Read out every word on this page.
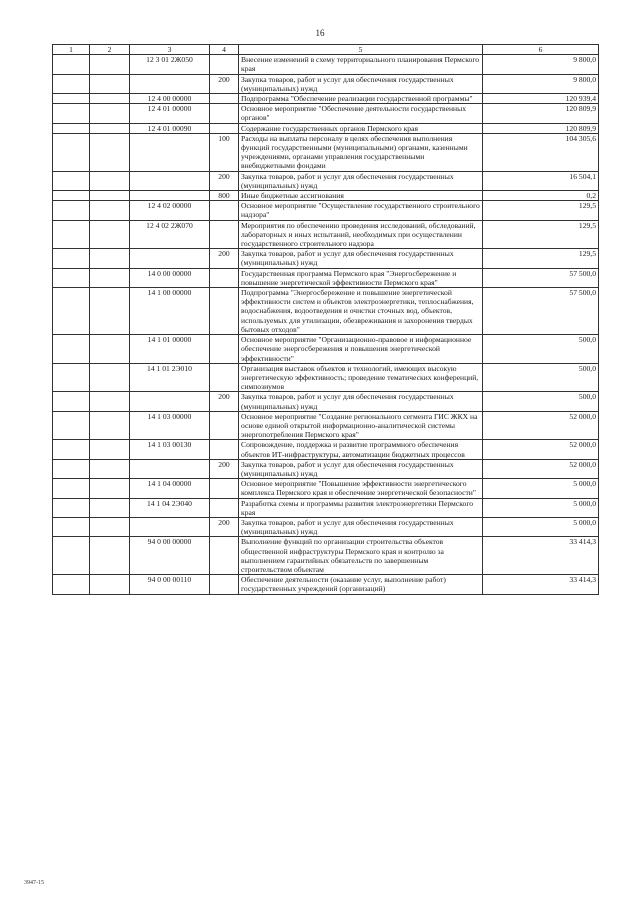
16
1	2	3	4	5	6
		12 3 01 2Ж050		Внесение изменений в схему территориального планирования Пермского края	9 800,0
			200	Закупка товаров, работ и услуг для обеспечения государственных (муниципальных) нужд	9 800,0
		12 4 00 00000		Подпрограмма "Обеспечение реализации государственной программы"	120 939,4
		12 4 01 00000		Основное мероприятие "Обеспечение деятельности государственных органов"	120 809,9
		12 4 01 00090		Содержание государственных органов Пермского края	120 809,9
			100	Расходы на выплаты персоналу в целях обеспечения выполнения функций государственными (муниципальными) органами, казенными учреждениями, органами управления государственными внебюджетными фондами	104 305,6
			200	Закупка товаров, работ и услуг для обеспечения государственных (муниципальных) нужд	16 504,1
			800	Иные бюджетные ассигнования	0,2
		12 4 02 00000		Основное мероприятие "Осуществление государственного строительного надзора"	129,5
		12 4 02 2Ж070		Мероприятия по обеспечению проведения исследований, обследований, лабораторных и иных испытаний, необходимых при осуществлении государственного строительного надзора	129,5
			200	Закупка товаров, работ и услуг для обеспечения государственных (муниципальных) нужд	129,5
		14 0 00 00000		Государственная программа Пермского края "Энергосбережение и повышение энергетической эффективности Пермского края"	57 500,0
		14 1 00 00000		Подпрограмма "Энергосбережение и повышение энергетической эффективности систем и объектов электроэнергетики, теплоснабжения, водоснабжения, водоотведения и очистки сточных вод, объектов, используемых для утилизации, обезвреживания и захоронения твердых бытовых отходов"	57 500,0
		14 1 01 00000		Основное мероприятие "Организационно-правовое и информационное обеспечение энергосбережения и повышения энергетической эффективности"	500,0
		14 1 01 2Э010		Организация выставок объектов и технологий, имеющих высокую энергетическую эффективность; проведение тематических конференций, симпозиумов	500,0
			200	Закупка товаров, работ и услуг для обеспечения государственных (муниципальных) нужд	500,0
		14 1 03 00000		Основное мероприятие "Создание регионального сегмента ГИС ЖКХ на основе единой открытой информационно-аналитической системы энергопотребления Пермского края"	52 000,0
		14 1 03 00130		Сопровождение, поддержка и развитие программного обеспечения объектов ИТ-инфраструктуры, автоматизации бюджетных процессов	52 000,0
			200	Закупка товаров, работ и услуг для обеспечения государственных (муниципальных) нужд	52 000,0
		14 1 04 00000		Основное мероприятие "Повышение эффективности энергетического комплекса Пермского края и обеспечение энергетической безопасности"	5 000,0
		14 1 04 2Э040		Разработка схемы и программы развития электроэнергетики Пермского края	5 000,0
			200	Закупка товаров, работ и услуг для обеспечения государственных (муниципальных) нужд	5 000,0
		94 0 00 00000		Выполнение функций по организации строительства объектов общественной инфраструктуры Пермского края и контролю за выполнением гарантийных обязательств по завершенным строительством объектам	33 414,3
		94 0 00 00110		Обеспечение деятельности (оказание услуг, выполнение работ) государственных учреждений (организаций)	33 414,3
3947-15
